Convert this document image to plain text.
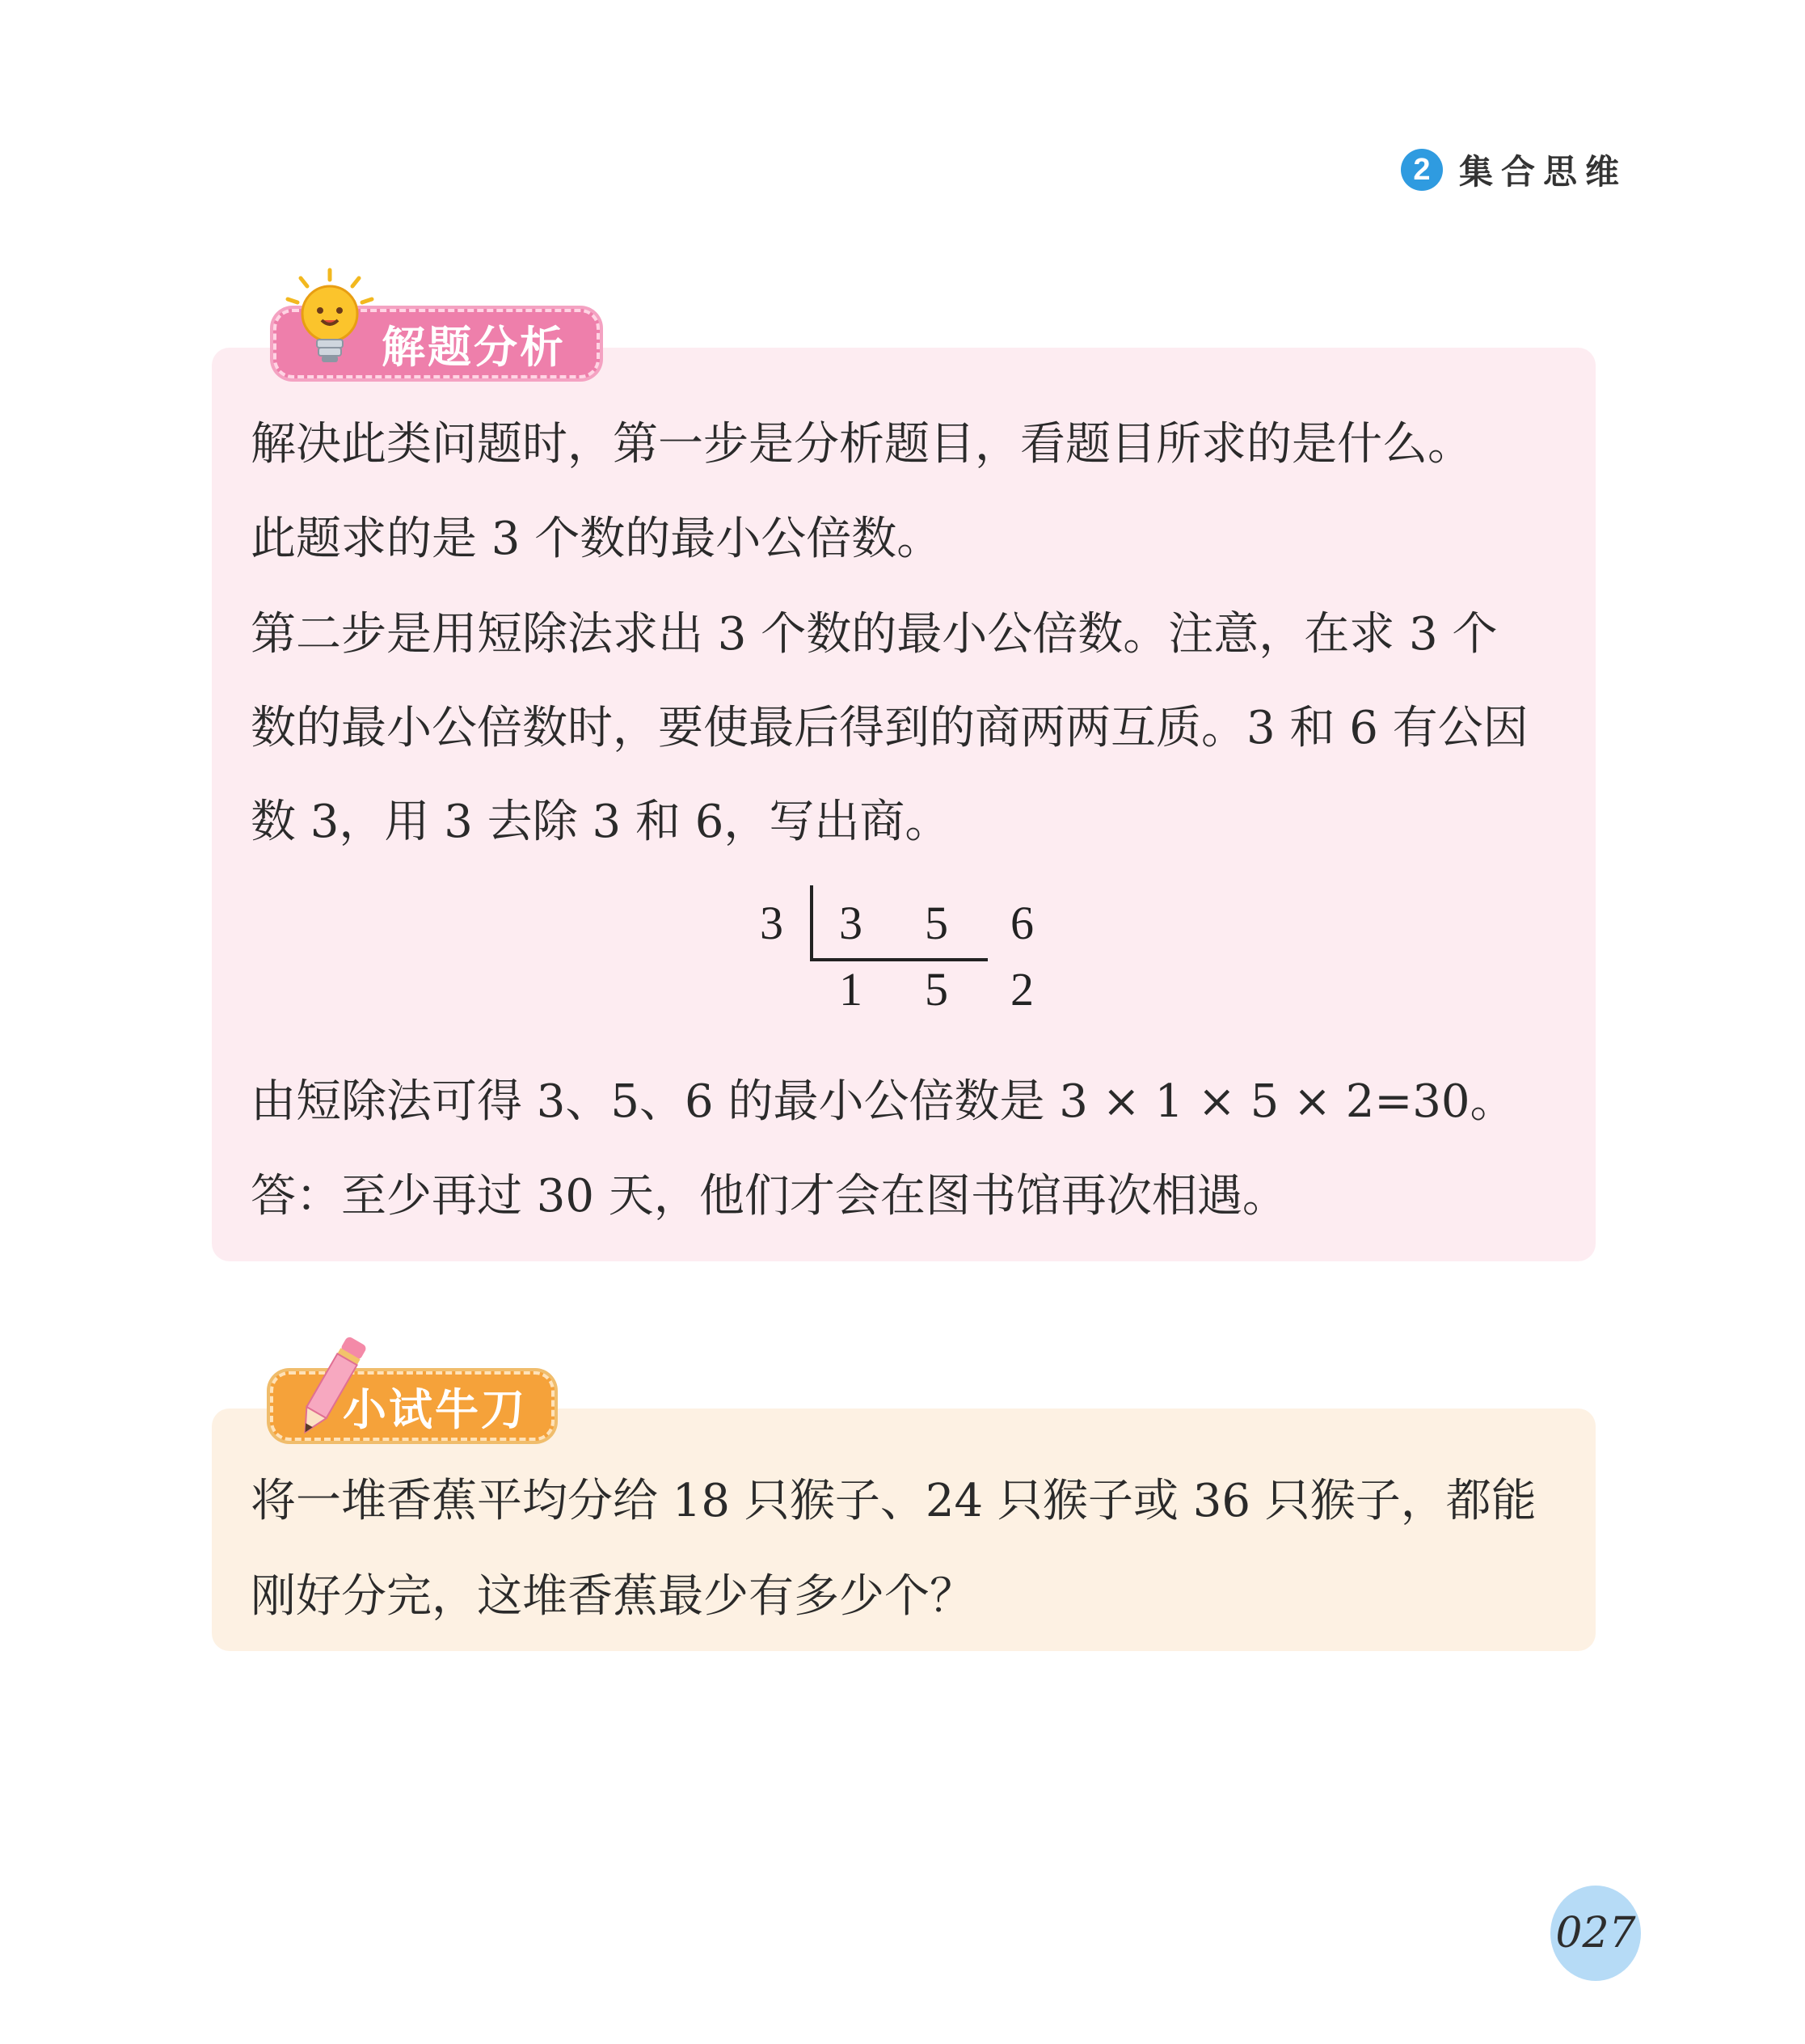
2 集合思维
解题分析
解决此类问题时，第一步是分析题目，看题目所求的是什么。
此题求的是 3 个数的最小公倍数。
第二步是用短除法求出 3 个数的最小公倍数。注意，在求 3 个
数的最小公倍数时，要使最后得到的商两两互质。3 和 6 有公因
数 3，用 3 去除 3 和 6，写出商。
3 3 5 6
1 5 2
由短除法可得 3、5、6 的最小公倍数是 3 × 1 × 5 × 2=30。
答：至少再过 30 天，他们才会在图书馆再次相遇。
小试牛刀
将一堆香蕉平均分给 18 只猴子、24 只猴子或 36 只猴子，都能
刚好分完，这堆香蕉最少有多少个？
027
